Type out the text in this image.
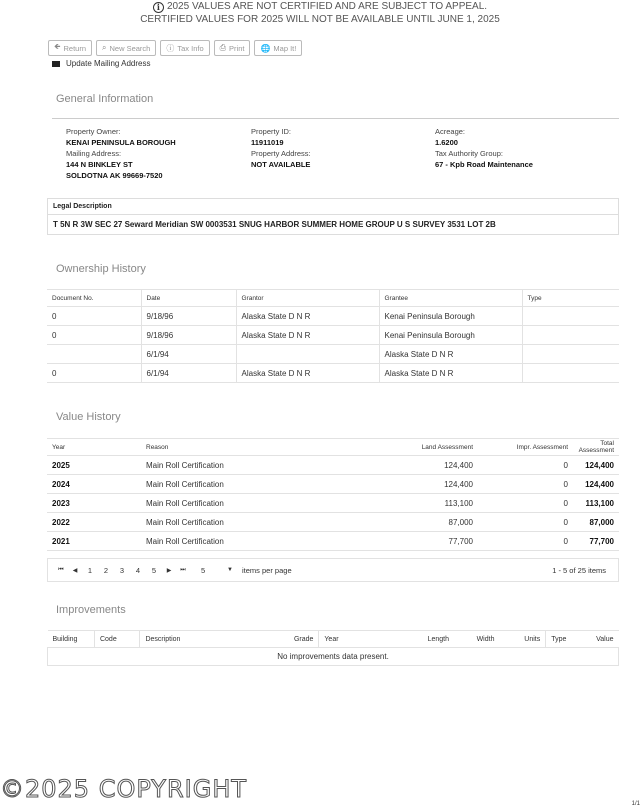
i 2025 VALUES ARE NOT CERTIFIED AND ARE SUBJECT TO APPEAL.
CERTIFIED VALUES FOR 2025 WILL NOT BE AVAILABLE UNTIL JUNE 1, 2025
🡸 Return ⌕ New Search ⓘ Tax Info ⎙ Print 🌐 Map It!
Update Mailing Address
General Information
Property Owner:
KENAI PENINSULA BOROUGH
Mailing Address:
144 N BINKLEY ST
SOLDOTNA AK 99669-7520
Property ID:
11911019
Property Address:
NOT AVAILABLE
Acreage:
1.6200
Tax Authority Group:
67 - Kpb Road Maintenance
Legal Description
T 5N R 3W SEC 27 Seward Meridian SW 0003531 SNUG HARBOR SUMMER HOME GROUP U S SURVEY 3531 LOT 2B
Ownership History
Document No.	Date	Grantor	Grantee	Type
0	9/18/96	Alaska State D N R	Kenai Peninsula Borough	
0	9/18/96	Alaska State D N R	Kenai Peninsula Borough	
	6/1/94		Alaska State D N R	
0	6/1/94	Alaska State D N R	Alaska State D N R	
Value History
Year	Reason	Land Assessment	Impr. Assessment	Total Assessment
2025	Main Roll Certification	124,400	0	124,400
2024	Main Roll Certification	124,400	0	124,400
2023	Main Roll Certification	113,100	0	113,100
2022	Main Roll Certification	87,000	0	87,000
2021	Main Roll Certification	77,700	0	77,700
⏮	◀	1	2	3	4	5	▶	⏭	5	▼ items per page	1 - 5 of 25 items
Improvements
Building	Code	Description	Grade	Year	Length	Width	Units	Type	Value
No improvements data present.
©2025 COPYRIGHT
1/1
